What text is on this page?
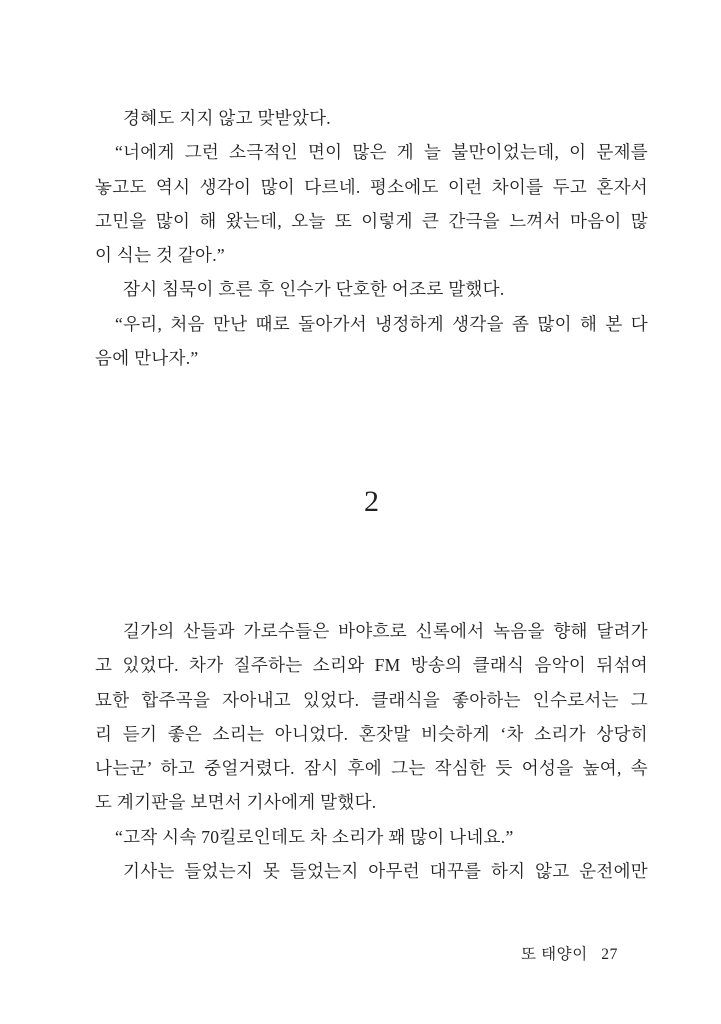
경혜도 지지 않고 맞받았다.
“너에게 그런 소극적인 면이 많은 게 늘 불만이었는데, 이 문제를
놓고도 역시 생각이 많이 다르네. 평소에도 이런 차이를 두고 혼자서
고민을 많이 해 왔는데, 오늘 또 이렇게 큰 간극을 느껴서 마음이 많
이 식는 것 같아.”
잠시 침묵이 흐른 후 인수가 단호한 어조로 말했다.
“우리, 처음 만난 때로 돌아가서 냉정하게 생각을 좀 많이 해 본 다
음에 만나자.”
2
길가의 산들과 가로수들은 바야흐로 신록에서 녹음을 향해 달려가
고 있었다. 차가 질주하는 소리와 FM 방송의 클래식 음악이 뒤섞여
묘한 합주곡을 자아내고 있었다. 클래식을 좋아하는 인수로서는 그
리 듣기 좋은 소리는 아니었다. 혼잣말 비슷하게 ‘차 소리가 상당히
나는군’ 하고 중얼거렸다. 잠시 후에 그는 작심한 듯 어성을 높여, 속
도 계기판을 보면서 기사에게 말했다.
“고작 시속 70킬로인데도 차 소리가 꽤 많이 나네요.”
기사는 들었는지 못 들었는지 아무런 대꾸를 하지 않고 운전에만
또 태양이 27
